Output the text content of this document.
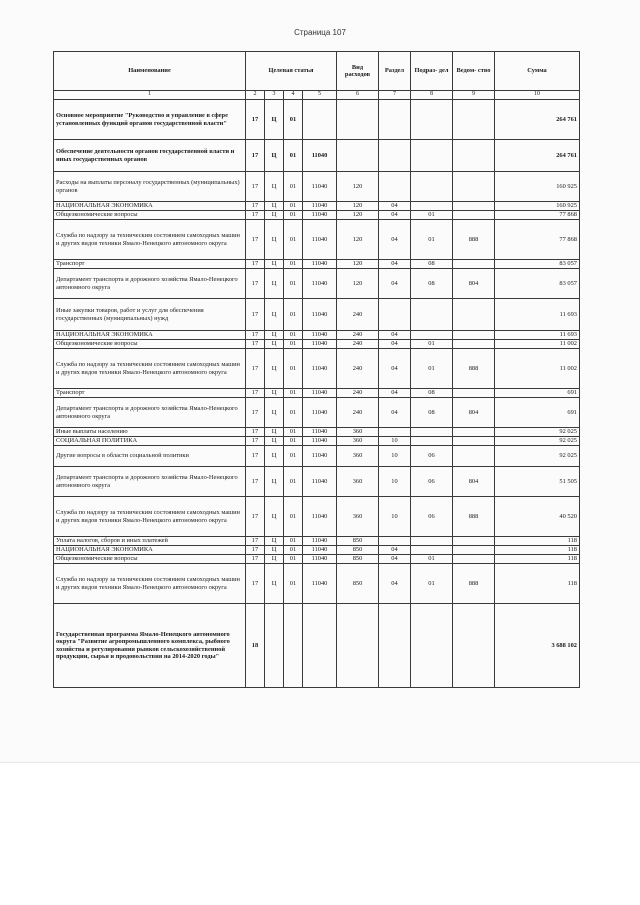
Страница 107
Наименование	Целевая статья				Вид расходов	Раздел	Подраз- дел	Ведом- ство	Сумма
1	2	3	4	5	6	7	8	9	10
Основное мероприятие "Руководство и управление в сфере установленных функций органов государственной власти"	17	Ц	01						264 761
Обеспечение деятельности органов государственной власти и иных государственных органов	17	Ц	01	11040					264 761
Расходы на выплаты персоналу государственных (муниципальных) органов	17	Ц	01	11040	120				160 925
НАЦИОНАЛЬНАЯ ЭКОНОМИКА	17	Ц	01	11040	120	04			160 925
Общеэкономические вопросы	17	Ц	01	11040	120	04	01		77 868
Служба по надзору за техническим состоянием самоходных машин и других видов техники Ямало-Ненецкого автономного округа	17	Ц	01	11040	120	04	01	888	77 868
Транспорт	17	Ц	01	11040	120	04	08		83 057
Департамент транспорта и дорожного хозяйства Ямало-Ненецкого автономного округа	17	Ц	01	11040	120	04	08	804	83 057
Иные закупки товаров, работ и услуг для обеспечения государственных (муниципальных) нужд	17	Ц	01	11040	240				11 693
НАЦИОНАЛЬНАЯ ЭКОНОМИКА	17	Ц	01	11040	240	04			11 693
Общеэкономические вопросы	17	Ц	01	11040	240	04	01		11 002
Служба по надзору за техническим состоянием самоходных машин и других видов техники Ямало-Ненецкого автономного округа	17	Ц	01	11040	240	04	01	888	11 002
Транспорт	17	Ц	01	11040	240	04	08		691
Департамент транспорта и дорожного хозяйства Ямало-Ненецкого автономного округа	17	Ц	01	11040	240	04	08	804	691
Иные выплаты населению	17	Ц	01	11040	360				92 025
СОЦИАЛЬНАЯ ПОЛИТИКА	17	Ц	01	11040	360	10			92 025
Другие вопросы в области социальной политики	17	Ц	01	11040	360	10	06		92 025
Департамент транспорта и дорожного хозяйства Ямало-Ненецкого автономного округа	17	Ц	01	11040	360	10	06	804	51 505
Служба по надзору за техническим состоянием самоходных машин и других видов техники Ямало-Ненецкого автономного округа	17	Ц	01	11040	360	10	06	888	40 520
Уплата налогов, сборов и иных платежей	17	Ц	01	11040	850				118
НАЦИОНАЛЬНАЯ ЭКОНОМИКА	17	Ц	01	11040	850	04			118
Общеэкономические вопросы	17	Ц	01	11040	850	04	01		118
Служба по надзору за техническим состоянием самоходных машин и других видов техники Ямало-Ненецкого автономного округа	17	Ц	01	11040	850	04	01	888	118
Государственная программа Ямало-Ненецкого автономного округа "Развитие агропромышленного комплекса, рыбного хозяйства и регулирования рынков сельскохозяйственной продукции, сырья и продовольствия на 2014-2020 годы"	18								3 688 102
